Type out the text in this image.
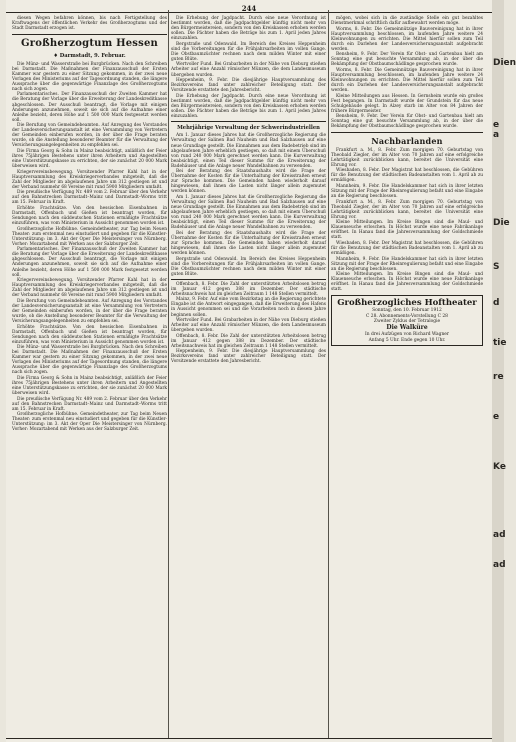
244

diesen Wegen befahren können, bis nach Fertigstellung des Kraftwagens der öffentlichen Verkehr des Großherzogtums und der Stadt Darmstadt erzogen ist.

Großherzogtum Hessen
♦ Darmstadt, 9. Februar.

Die Münz- und Wasserstraße bei Burgbrücken. Nach den Schreiben bei Darmstadt. Die Maßnahmen der Finanzausschuß der Ersten Kammer war gestern zu einer Sitzung gekommen, in der zwei neue Vorlagen des Ministeriums auf der Tagesordnung standen, die längere Aussprache über die gegenwärtige Finanzlage des Großherzogtums nach sich zogen.

Parlamentarisches. Der Finanzausschuß der Zweiten Kammer hat die Beratung der Vorlage über die Erweiterung der Landeskreditkasse abgeschlossen. Der Ausschuß beantragt, die Vorlage mit einigen Änderungen anzunehmen, soweit sie sich auf die Aufnahme einer Anleihe bezieht, deren Höhe auf 1 500 000 Mark festgesetzt werden soll.

Die Berufung von Gemeindebeamten. Auf Anregung des Vorstandes der Landesversicherungsanstalt ist eine Versammlung von Vertretern der Gemeinden einberufen worden, in der über die Frage beraten wurde, ob die Anstellung besonderer Beamter für die Verwaltung der Versicherungsangelegenheiten zu empfehlen sei.

Die Firma Georg & Sohn in Mainz beabsichtigt, anläßlich der Feier ihres 75jährigen Bestehens unter ihren Arbeitern und Angestellten eine Unterstützungskasse zu errichten, der sie zunächst 20 000 Mark überweisen wird.

Kriegervereinsbewegung. Vorsitzender Pfarrer Kahl hat in der Hauptversammlung des Kreiskriegerverbandes mitgeteilt, daß die Zahl der Mitglieder im abgelaufenen Jahre um 312 gestiegen ist und der Verband nunmehr 68 Vereine mit rund 5900 Mitgliedern umfaßt.

Die preußische Verfügung Nr. 489 vom 2. Februar über den Verkehr auf den Bahnstrecken Darmstadt–Mainz und Darmstadt–Worms tritt am 15. Februar in Kraft.

Erhöhte Frachtsätze. Von den hessischen Eisenbahnen in Darmstadt, Offenbach und Gießen ist beantragt worden, für Sendungen nach den süddeutschen Stationen ermäßigte Frachtsätze einzuführen, was vom Ministerium in Aussicht genommen worden ist.

Großherzogliche Hofbühne. Gemeindetheater, zur Tag beim Neuen Theater: zum erstenmal neu einstudiert und gegeben für die Künstler-Unterstützung: im 3. Akt der Oper Die Meistersinger von Nürnberg. Vorher: Mozartabend mit Werken aus der Salzburger Zeit.

Parlamentarisches. Der Finanzausschuß der Zweiten Kammer hat die Beratung der Vorlage über die Erweiterung der Landeskreditkasse abgeschlossen. Der Ausschuß beantragt, die Vorlage mit einigen Änderungen anzunehmen, soweit sie sich auf die Aufnahme einer Anleihe bezieht, deren Höhe auf 1 500 000 Mark festgesetzt werden soll.

Kriegervereinsbewegung. Vorsitzender Pfarrer Kahl hat in der Hauptversammlung des Kreiskriegerverbandes mitgeteilt, daß die Zahl der Mitglieder im abgelaufenen Jahre um 312 gestiegen ist und der Verband nunmehr 68 Vereine mit rund 5900 Mitgliedern umfaßt.

Die Berufung von Gemeindebeamten. Auf Anregung des Vorstandes der Landesversicherungsanstalt ist eine Versammlung von Vertretern der Gemeinden einberufen worden, in der über die Frage beraten wurde, ob die Anstellung besonderer Beamter für die Verwaltung der Versicherungsangelegenheiten zu empfehlen sei.

Erhöhte Frachtsätze. Von den hessischen Eisenbahnen in Darmstadt, Offenbach und Gießen ist beantragt worden, für Sendungen nach den süddeutschen Stationen ermäßigte Frachtsätze einzuführen, was vom Ministerium in Aussicht genommen worden ist.

Die Münz- und Wasserstraße bei Burgbrücken. Nach den Schreiben bei Darmstadt. Die Maßnahmen der Finanzausschuß der Ersten Kammer war gestern zu einer Sitzung gekommen, in der zwei neue Vorlagen des Ministeriums auf der Tagesordnung standen, die längere Aussprache über die gegenwärtige Finanzlage des Großherzogtums nach sich zogen.

Die Firma Georg & Sohn in Mainz beabsichtigt, anläßlich der Feier ihres 75jährigen Bestehens unter ihren Arbeitern und Angestellten eine Unterstützungskasse zu errichten, der sie zunächst 20 000 Mark überweisen wird.

Die preußische Verfügung Nr. 489 vom 2. Februar über den Verkehr auf den Bahnstrecken Darmstadt–Mainz und Darmstadt–Worms tritt am 15. Februar in Kraft.

Großherzogliche Hofbühne. Gemeindetheater, zur Tag beim Neuen Theater: zum erstenmal neu einstudiert und gegeben für die Künstler-Unterstützung: im 3. Akt der Oper Die Meistersinger von Nürnberg. Vorher: Mozartabend mit Werken aus der Salzburger Zeit.

Die Erhebung der Jagdpacht. Durch eine neue Verordnung ist bestimmt worden, daß die Jagdpachtgelder künftig nicht mehr von den Bürgermeistereien, sondern von den Kreiskassen erhoben werden sollen. Die Pächter haben die Beträge bis zum 1. April jeden Jahres einzuzahlen.

Bergstraße und Odenwald. Im Bereich des Kreises Heppenheim sind die Vorbereitungen für die Frühjahrsarbeiten im vollen Gange. Die Obstbaumzüchter rechnen nach dem milden Winter mit einer guten Blüte.

Wertvoller Fund. Bei Grabarbeiten in der Nähe von Dieburg stießen Arbeiter auf eine Anzahl römischer Münzen, die dem Landesmuseum übergeben wurden.

Heppenheim, 9. Febr. Die diesjährige Hauptversammlung des Bezirksvereins fand unter zahlreicher Beteiligung statt. Der Vorsitzende erstattete den Jahresbericht.

Die Erhebung der Jagdpacht. Durch eine neue Verordnung ist bestimmt worden, daß die Jagdpachtgelder künftig nicht mehr von den Bürgermeistereien, sondern von den Kreiskassen erhoben werden sollen. Die Pächter haben die Beträge bis zum 1. April jeden Jahres einzuzahlen.

Mehrjährige Verwaltung der Schwerindustriellen

Am 1. Januar dieses Jahres hat die Großherzogliche Regierung die Verwaltung der Salinen Bad Nauheim und Bad Salzhausen auf eine neue Grundlage gestellt. Die Einnahmen aus dem Badebetrieb sind im abgelaufenen Jahre erheblich gestiegen, so daß mit einem Überschuß von rund 240 000 Mark gerechnet werden kann. Die Kurverwaltung beabsichtigt, einen Teil dieser Summe für die Erweiterung der Badehäuser und die Anlage neuer Wandelbahnen zu verwenden.

Bei der Beratung des Staatshaushalts wird die Frage der Übernahme der Kosten für die Unterhaltung der Kreisstraßen erneut zur Sprache kommen. Die Gemeinden haben wiederholt darauf hingewiesen, daß ihnen die Lasten nicht länger allein zugemutet werden können.

Am 1. Januar dieses Jahres hat die Großherzogliche Regierung die Verwaltung der Salinen Bad Nauheim und Bad Salzhausen auf eine neue Grundlage gestellt. Die Einnahmen aus dem Badebetrieb sind im abgelaufenen Jahre erheblich gestiegen, so daß mit einem Überschuß von rund 240 000 Mark gerechnet werden kann. Die Kurverwaltung beabsichtigt, einen Teil dieser Summe für die Erweiterung der Badehäuser und die Anlage neuer Wandelbahnen zu verwenden.

Bei der Beratung des Staatshaushalts wird die Frage der Übernahme der Kosten für die Unterhaltung der Kreisstraßen erneut zur Sprache kommen. Die Gemeinden haben wiederholt darauf hingewiesen, daß ihnen die Lasten nicht länger allein zugemutet werden können.

Bergstraße und Odenwald. Im Bereich des Kreises Heppenheim sind die Vorbereitungen für die Frühjahrsarbeiten im vollen Gange. Die Obstbaumzüchter rechnen nach dem milden Winter mit einer guten Blüte.

Offenbach, 8. Febr. Die Zahl der unterstützten Arbeitslosen betrug im Januar 412 gegen 388 im Dezember. Der städtische Arbeitsnachweis hat im gleichen Zeitraum 1 148 Stellen vermittelt.

Mainz, 9. Febr. Auf eine vom Bezirkstag an die Regierung gerichtete Eingabe ist die Antwort eingegangen, daß die Erweiterung des Hafens in Aussicht genommen sei und die Vorarbeiten noch in diesem Jahre beginnen sollen.

Wertvoller Fund. Bei Grabarbeiten in der Nähe von Dieburg stießen Arbeiter auf eine Anzahl römischer Münzen, die dem Landesmuseum übergeben wurden.

Offenbach, 8. Febr. Die Zahl der unterstützten Arbeitslosen betrug im Januar 412 gegen 388 im Dezember. Der städtische Arbeitsnachweis hat im gleichen Zeitraum 1 148 Stellen vermittelt.

Heppenheim, 9. Febr. Die diesjährige Hauptversammlung des Bezirksvereins fand unter zahlreicher Beteiligung statt. Der Vorsitzende erstattete den Jahresbericht.

mögen, wobei sich in die zuständige Stelle ein gut bezahltes Dienstmerkmal schriftlich dafür aufbewahrt werden möge.

Worms, 8. Febr. Die Gemeinnützige Bauvereinigung hat in ihrer Hauptversammlung beschlossen, im laufenden Jahre weitere 24 Kleinwohnungen zu errichten. Die Mittel hierfür sollen zum Teil durch ein Darlehen der Landesversicherungsanstalt aufgebracht werden.

Bensheim, 9. Febr. Der Verein für Obst- und Gartenbau hielt am Sonntag eine gut besuchte Versammlung ab, in der über die Bekämpfung der Obstbaumschädlinge gesprochen wurde.

Worms, 8. Febr. Die Gemeinnützige Bauvereinigung hat in ihrer Hauptversammlung beschlossen, im laufenden Jahre weitere 24 Kleinwohnungen zu errichten. Die Mittel hierfür sollen zum Teil durch ein Darlehen der Landesversicherungsanstalt aufgebracht werden.

Kleine Mitteilungen aus Hessen. In Gernsheim wurde ein großes Fest begangen. In Darmstadt wurde der Grundstein für das neue Schulgebäude gelegt. In Alzey starb im Alter von 84 Jahren der frühere Bürgermeister.

Bensheim, 9. Febr. Der Verein für Obst- und Gartenbau hielt am Sonntag eine gut besuchte Versammlung ab, in der über die Bekämpfung der Obstbaumschädlinge gesprochen wurde.

Nachbarlanden

Frankfurt a. M., 8. Febr. Zum morgigen 70. Geburtstag von Theobald Ziegler, der im Alter von 70 Jahren auf eine erfolgreiche Lehrtätigkeit zurückblicken kann, bereitet die Universität eine Ehrung vor.

Wiesbaden, 8. Febr. Der Magistrat hat beschlossen, die Gebühren für die Benutzung der städtischen Badeanstalten vom 1. April ab zu ermäßigen.

Mannheim, 9. Febr. Die Handelskammer hat sich in ihrer letzten Sitzung mit der Frage der Rheinregulierung befaßt und eine Eingabe an die Regierung beschlossen.

Frankfurt a. M., 8. Febr. Zum morgigen 70. Geburtstag von Theobald Ziegler, der im Alter von 70 Jahren auf eine erfolgreiche Lehrtätigkeit zurückblicken kann, bereitet die Universität eine Ehrung vor.

Kleine Mitteilungen. Im Kreise Bingen sind die Maul- und Klauenseuche erloschen. In Höchst wurde eine neue Fabrikanlage eröffnet. In Hanau fand die Jahresversammlung der Goldschmiede statt.

Wiesbaden, 8. Febr. Der Magistrat hat beschlossen, die Gebühren für die Benutzung der städtischen Badeanstalten vom 1. April ab zu ermäßigen.

Mannheim, 9. Febr. Die Handelskammer hat sich in ihrer letzten Sitzung mit der Frage der Rheinregulierung befaßt und eine Eingabe an die Regierung beschlossen.

Kleine Mitteilungen. Im Kreise Bingen sind die Maul- und Klauenseuche erloschen. In Höchst wurde eine neue Fabrikanlage eröffnet. In Hanau fand die Jahresversammlung der Goldschmiede statt.

Großherzogliches Hoftheater
Sonntag, den 10. Februar 1912
C 28. Abonnements-Vorstellung C 28
Zweiter Zyklus der Tetralogie
Die Walküre
In drei Aufzügen von Richard Wagner
Anfang 5 Uhr. Ende gegen 10 Uhr.
Dien
e a
Die
S
d
tie
re
e
Ke
ad
ad
